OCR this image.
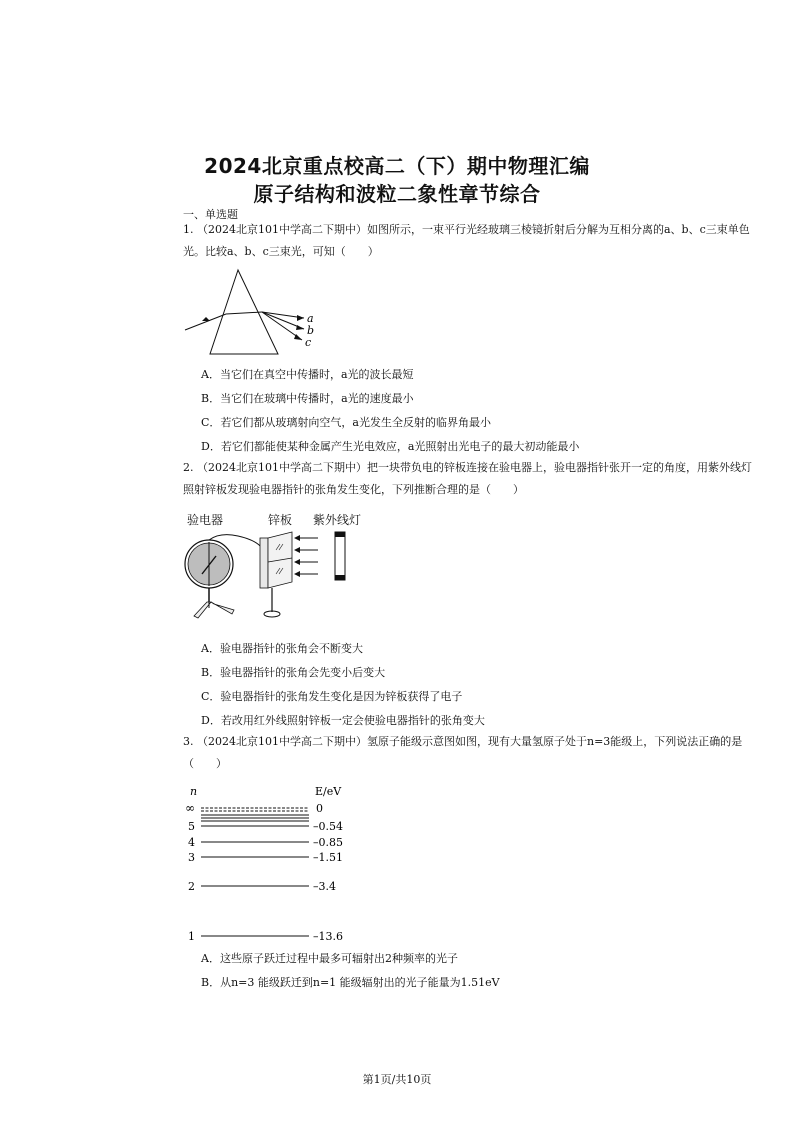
2024北京重点校高二（下）期中物理汇编
原子结构和波粒二象性章节综合
一、单选题
1. （2024北京101中学高二下期中）如图所示，一束平行光经玻璃三棱镜折射后分解为互相分离的a、b、c三束单色光。比较a、b、c三束光，可知（　　）
a
b
c
A．当它们在真空中传播时，a光的波长最短
B．当它们在玻璃中传播时，a光的速度最小
C．若它们都从玻璃射向空气，a光发生全反射的临界角最小
D．若它们都能使某种金属产生光电效应，a光照射出光电子的最大初动能最小
2. （2024北京101中学高二下期中）把一块带负电的锌板连接在验电器上，验电器指针张开一定的角度，用紫外线灯照射锌板发现验电器指针的张角发生变化，下列推断合理的是（　　）
验电器	锌板 紫外线灯
A．验电器指针的张角会不断变大
B．验电器指针的张角会先变小后变大
C．验电器指针的张角发生变化是因为锌板获得了电子
D．若改用红外线照射锌板一定会使验电器指针的张角变大
3. （2024北京101中学高二下期中）氢原子能级示意图如图，现有大量氢原子处于n=3能级上，下列说法正确的是（　　）
n	E/eV
∞	0
5	–0.54
4	–0.85
3	–1.51
2	–3.4
1	–13.6
A．这些原子跃迁过程中最多可辐射出2种频率的光子
B．从n=3 能级跃迁到n=1 能级辐射出的光子能量为1.51eV
第1页/共10页
